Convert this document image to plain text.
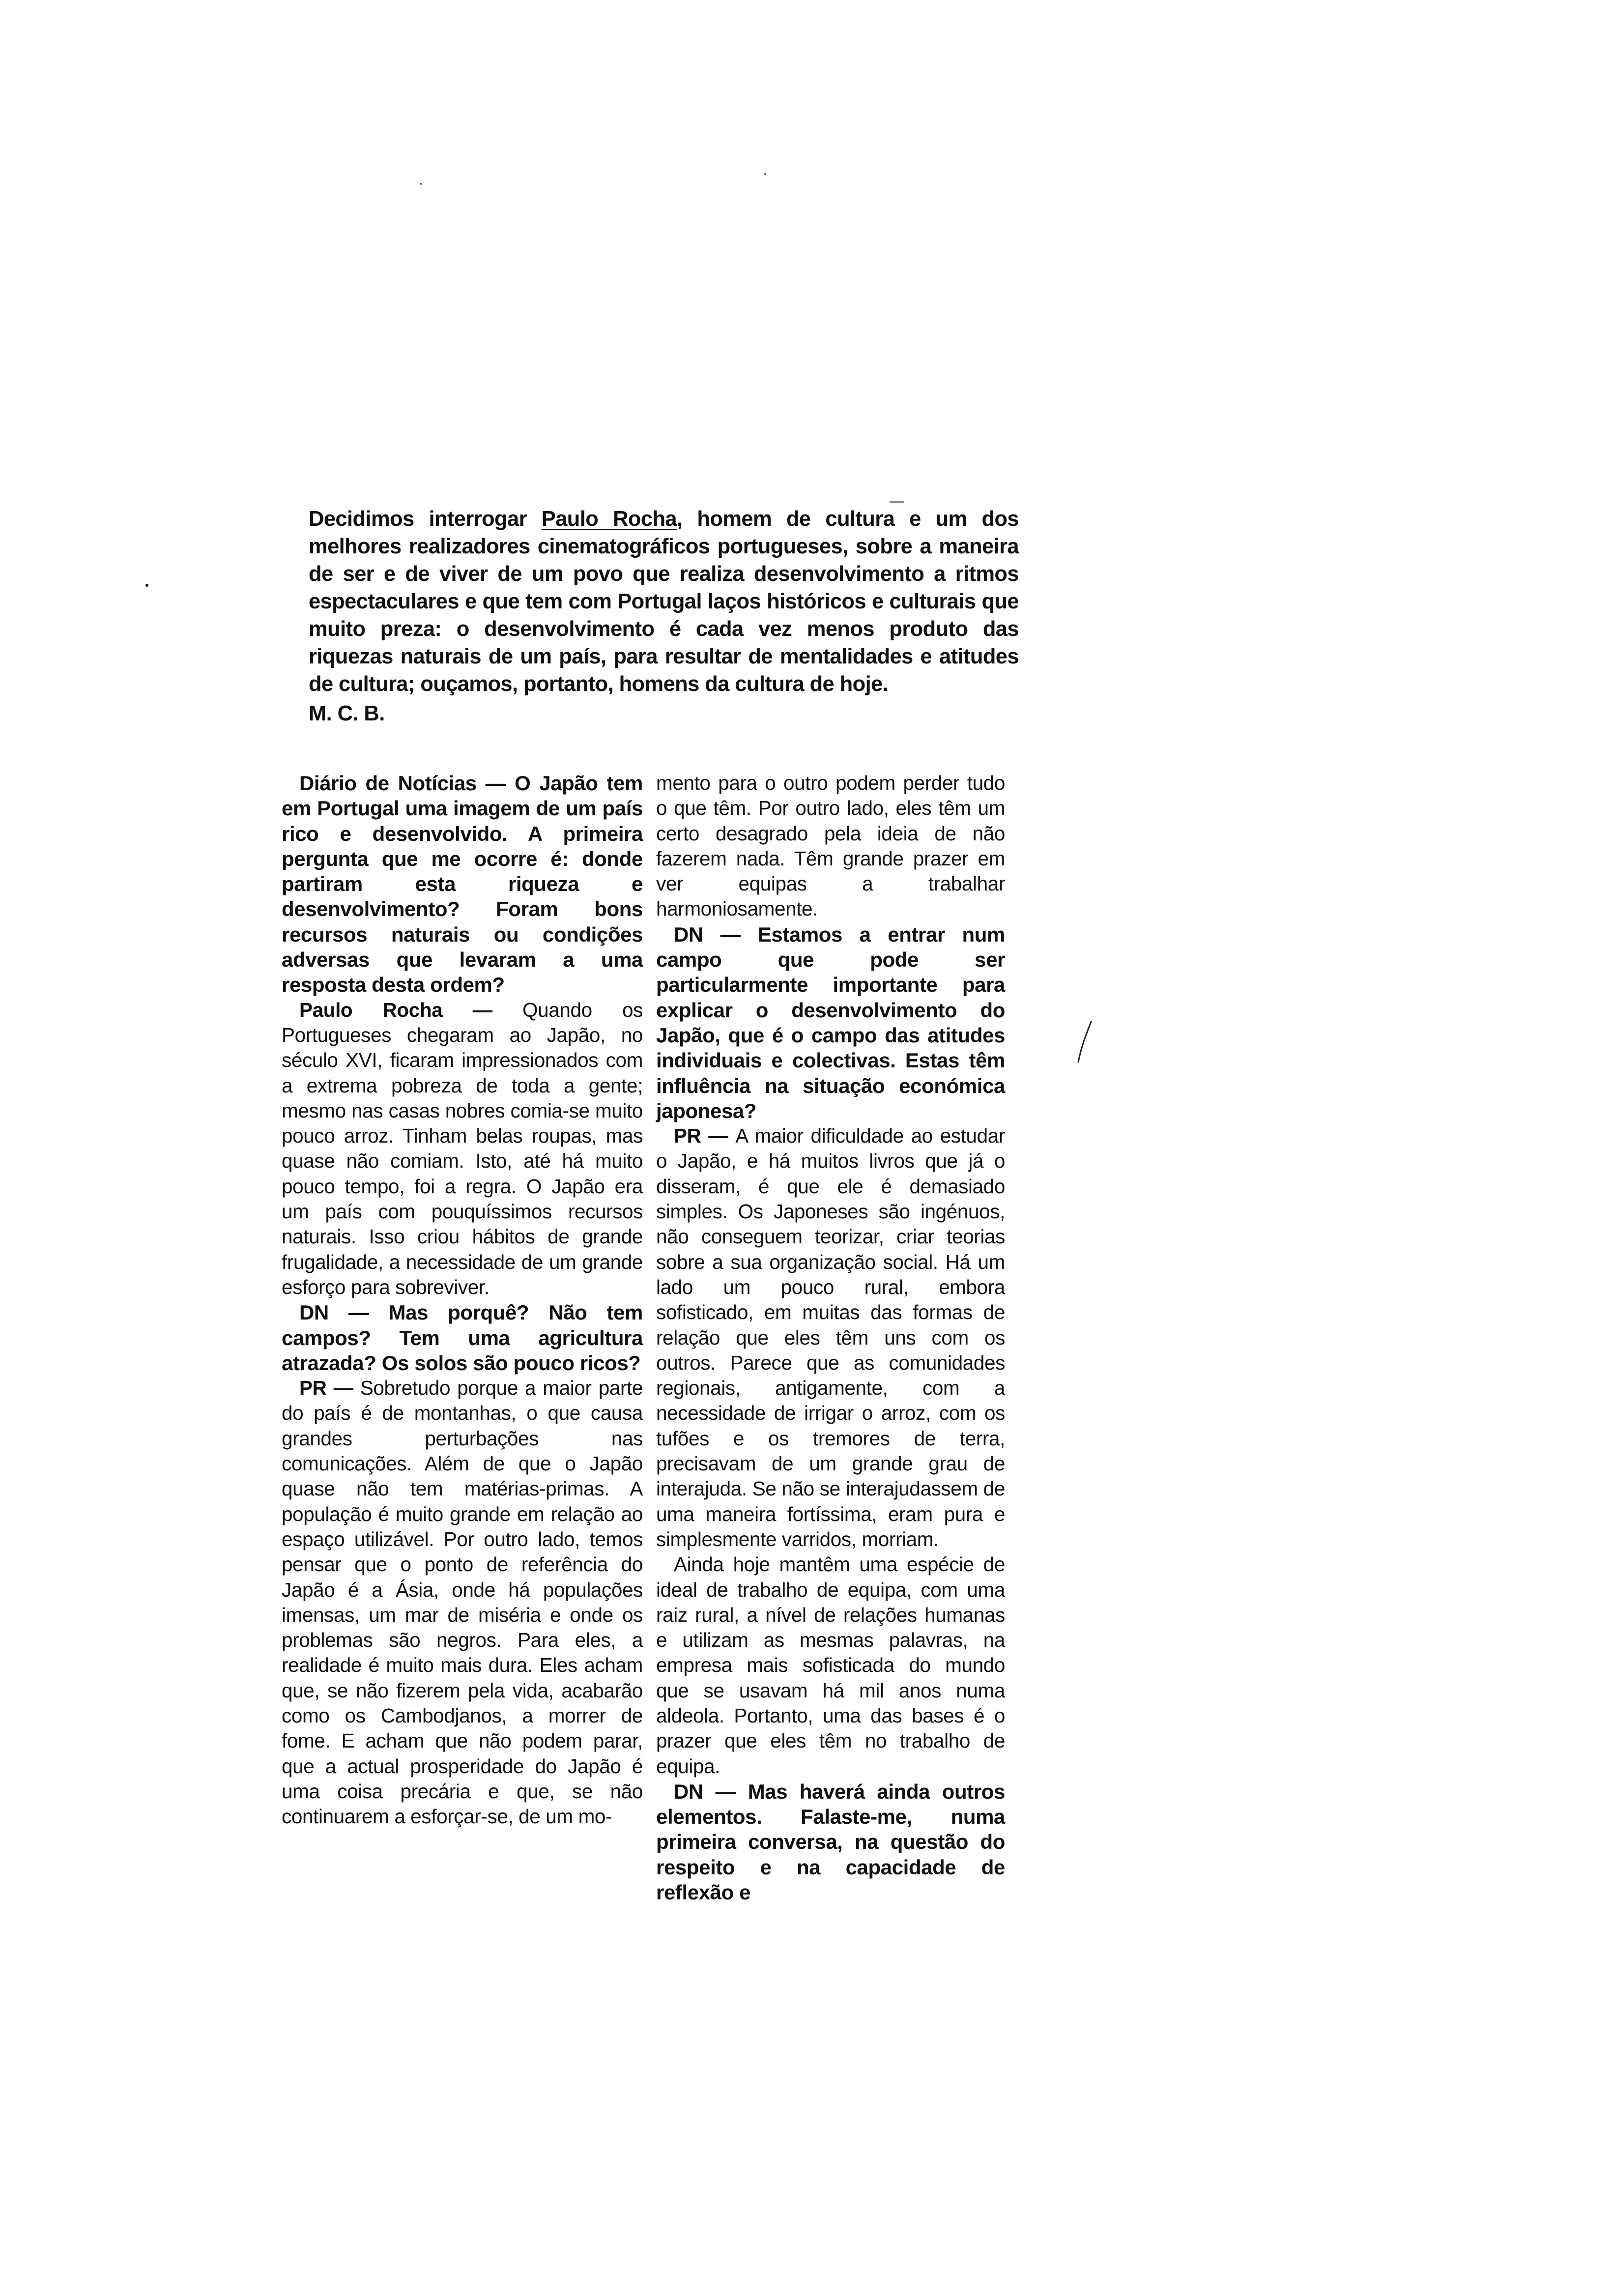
Decidimos interrogar Paulo Rocha, homem de cultura e um dos melhores realizadores cinematográficos portugueses, sobre a maneira de ser e de viver de um povo que realiza desenvolvimento a ritmos espectaculares e que tem com Portugal laços históricos e culturais que muito preza: o desenvolvimento é cada vez menos produto das riquezas naturais de um país, para resultar de mentalidades e atitudes de cultura; ouçamos, portanto, homens da cultura de hoje.

M. C. B.

Diário de Notícias — O Japão tem em Portugal uma imagem de um país rico e desenvolvido. A primeira pergunta que me ocorre é: donde partiram esta riqueza e desenvolvimento? Foram bons recursos naturais ou condições adversas que levaram a uma resposta desta ordem?

Paulo Rocha — Quando os Portugueses chegaram ao Japão, no século XVI, ficaram impressionados com a extrema pobreza de toda a gente; mesmo nas casas nobres comia-se muito pouco arroz. Tinham belas roupas, mas quase não comiam. Isto, até há muito pouco tempo, foi a regra. O Japão era um país com pouquíssimos recursos naturais. Isso criou hábitos de grande frugalidade, a necessidade de um grande esforço para sobreviver.

DN — Mas porquê? Não tem campos? Tem uma agricultura atrazada? Os solos são pouco ricos?

PR — Sobretudo porque a maior parte do país é de montanhas, o que causa grandes perturbações nas comunicações. Além de que o Japão quase não tem matérias-primas. A população é muito grande em relação ao espaço utilizável. Por outro lado, temos pensar que o ponto de referência do Japão é a Ásia, onde há populações imensas, um mar de miséria e onde os problemas são negros. Para eles, a realidade é muito mais dura. Eles acham que, se não fizerem pela vida, acabarão como os Cambodjanos, a morrer de fome. E acham que não podem parar, que a actual prosperidade do Japão é uma coisa precária e que, se não continuarem a esforçar-se, de um mo-

mento para o outro podem perder tudo o que têm. Por outro lado, eles têm um certo desagrado pela ideia de não fazerem nada. Têm grande prazer em ver equipas a trabalhar harmoniosamente.

DN — Estamos a entrar num campo que pode ser particularmente importante para explicar o desenvolvimento do Japão, que é o campo das atitudes individuais e colectivas. Estas têm influência na situação económica japonesa?

PR — A maior dificuldade ao estudar o Japão, e há muitos livros que já o disseram, é que ele é demasiado simples. Os Japoneses são ingénuos, não conseguem teorizar, criar teorias sobre a sua organização social. Há um lado um pouco rural, embora sofisticado, em muitas das formas de relação que eles têm uns com os outros. Parece que as comunidades regionais, antigamente, com a necessidade de irrigar o arroz, com os tufões e os tremores de terra, precisavam de um grande grau de interajuda. Se não se interajudassem de uma maneira fortíssima, eram pura e simplesmente varridos, morriam.

Ainda hoje mantêm uma espécie de ideal de trabalho de equipa, com uma raiz rural, a nível de relações humanas e utilizam as mesmas palavras, na empresa mais sofisticada do mundo que se usavam há mil anos numa aldeola. Portanto, uma das bases é o prazer que eles têm no trabalho de equipa.

DN — Mas haverá ainda outros elementos. Falaste-me, numa primeira conversa, na questão do respeito e na capacidade de reflexão e
